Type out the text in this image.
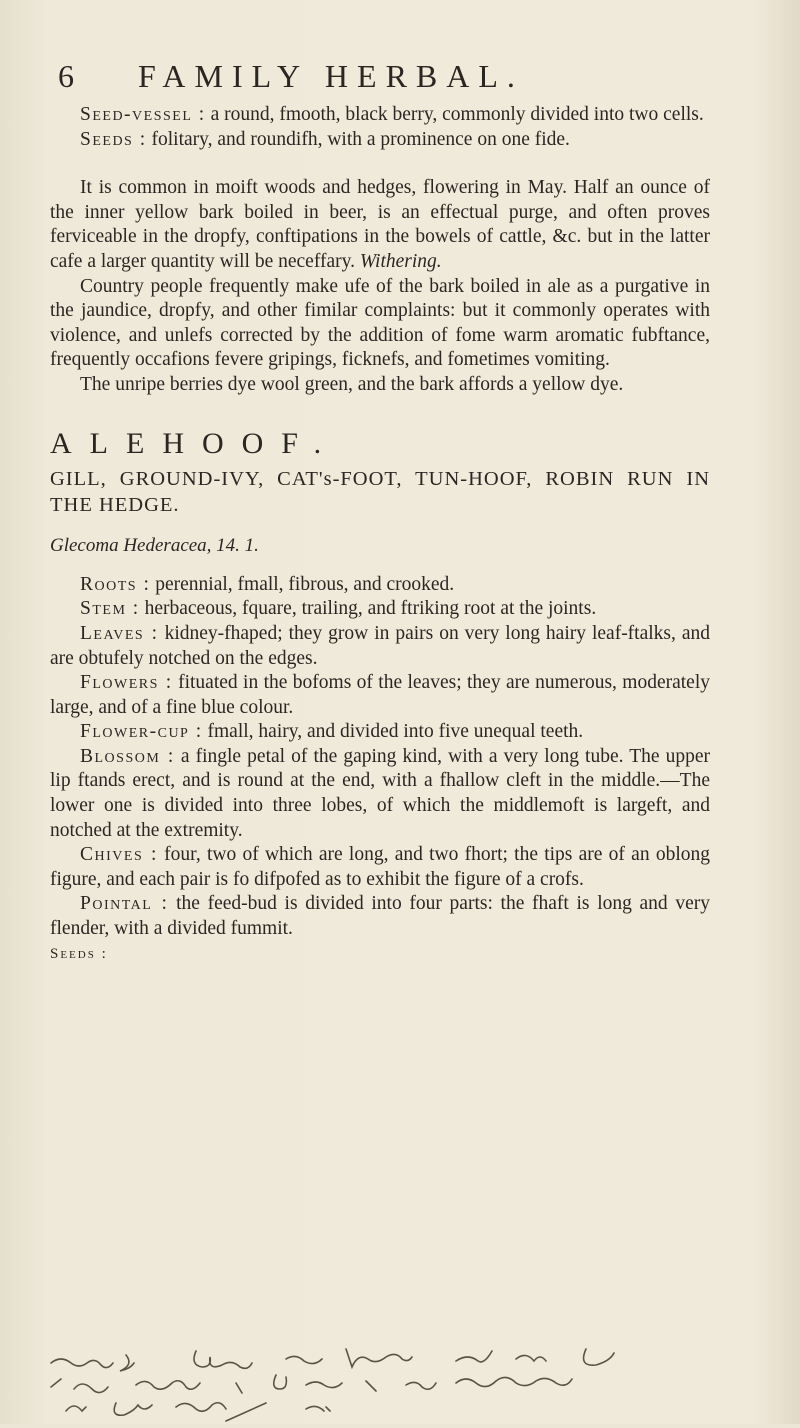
6 FAMILY HERBAL.

Seed-vessel : a round, fmooth, black berry, commonly divided into two cells.

Seeds : folitary, and roundifh, with a prominence on one fide.

It is common in moift woods and hedges, flowering in May. Half an ounce of the inner yellow bark boiled in beer, is an effectual purge, and often proves ferviceable in the dropfy, conftipations in the bowels of cattle, &c. but in the latter cafe a larger quantity will be neceffary. Withering.

Country people frequently make ufe of the bark boiled in ale as a purgative in the jaundice, dropfy, and other fimilar complaints: but it commonly operates with violence, and unlefs corrected by the addition of fome warm aromatic fubftance, frequently occafions fevere gripings, ficknefs, and fometimes vomiting.

The unripe berries dye wool green, and the bark affords a yellow dye.

ALEHOOF.

GILL, GROUND-IVY, CAT's-FOOT, TUN-HOOF, ROBIN RUN IN THE HEDGE.

Glecoma Hederacea, 14. 1.

Roots : perennial, fmall, fibrous, and crooked.

Stem : herbaceous, fquare, trailing, and ftriking root at the joints.

Leaves : kidney-fhaped; they grow in pairs on very long hairy leaf-ftalks, and are obtufely notched on the edges.

Flowers : fituated in the bofoms of the leaves; they are numerous, moderately large, and of a fine blue colour.

Flower-cup : fmall, hairy, and divided into five unequal teeth.

Blossom : a fingle petal of the gaping kind, with a very long tube. The upper lip ftands erect, and is round at the end, with a fhallow cleft in the middle.—The lower one is divided into three lobes, of which the middlemoft is largeft, and notched at the extremity.

Chives : four, two of which are long, and two fhort; the tips are of an oblong figure, and each pair is fo difpofed as to exhibit the figure of a crofs.

Pointal : the feed-bud is divided into four parts: the fhaft is long and very flender, with a divided fummit.

Seeds :
